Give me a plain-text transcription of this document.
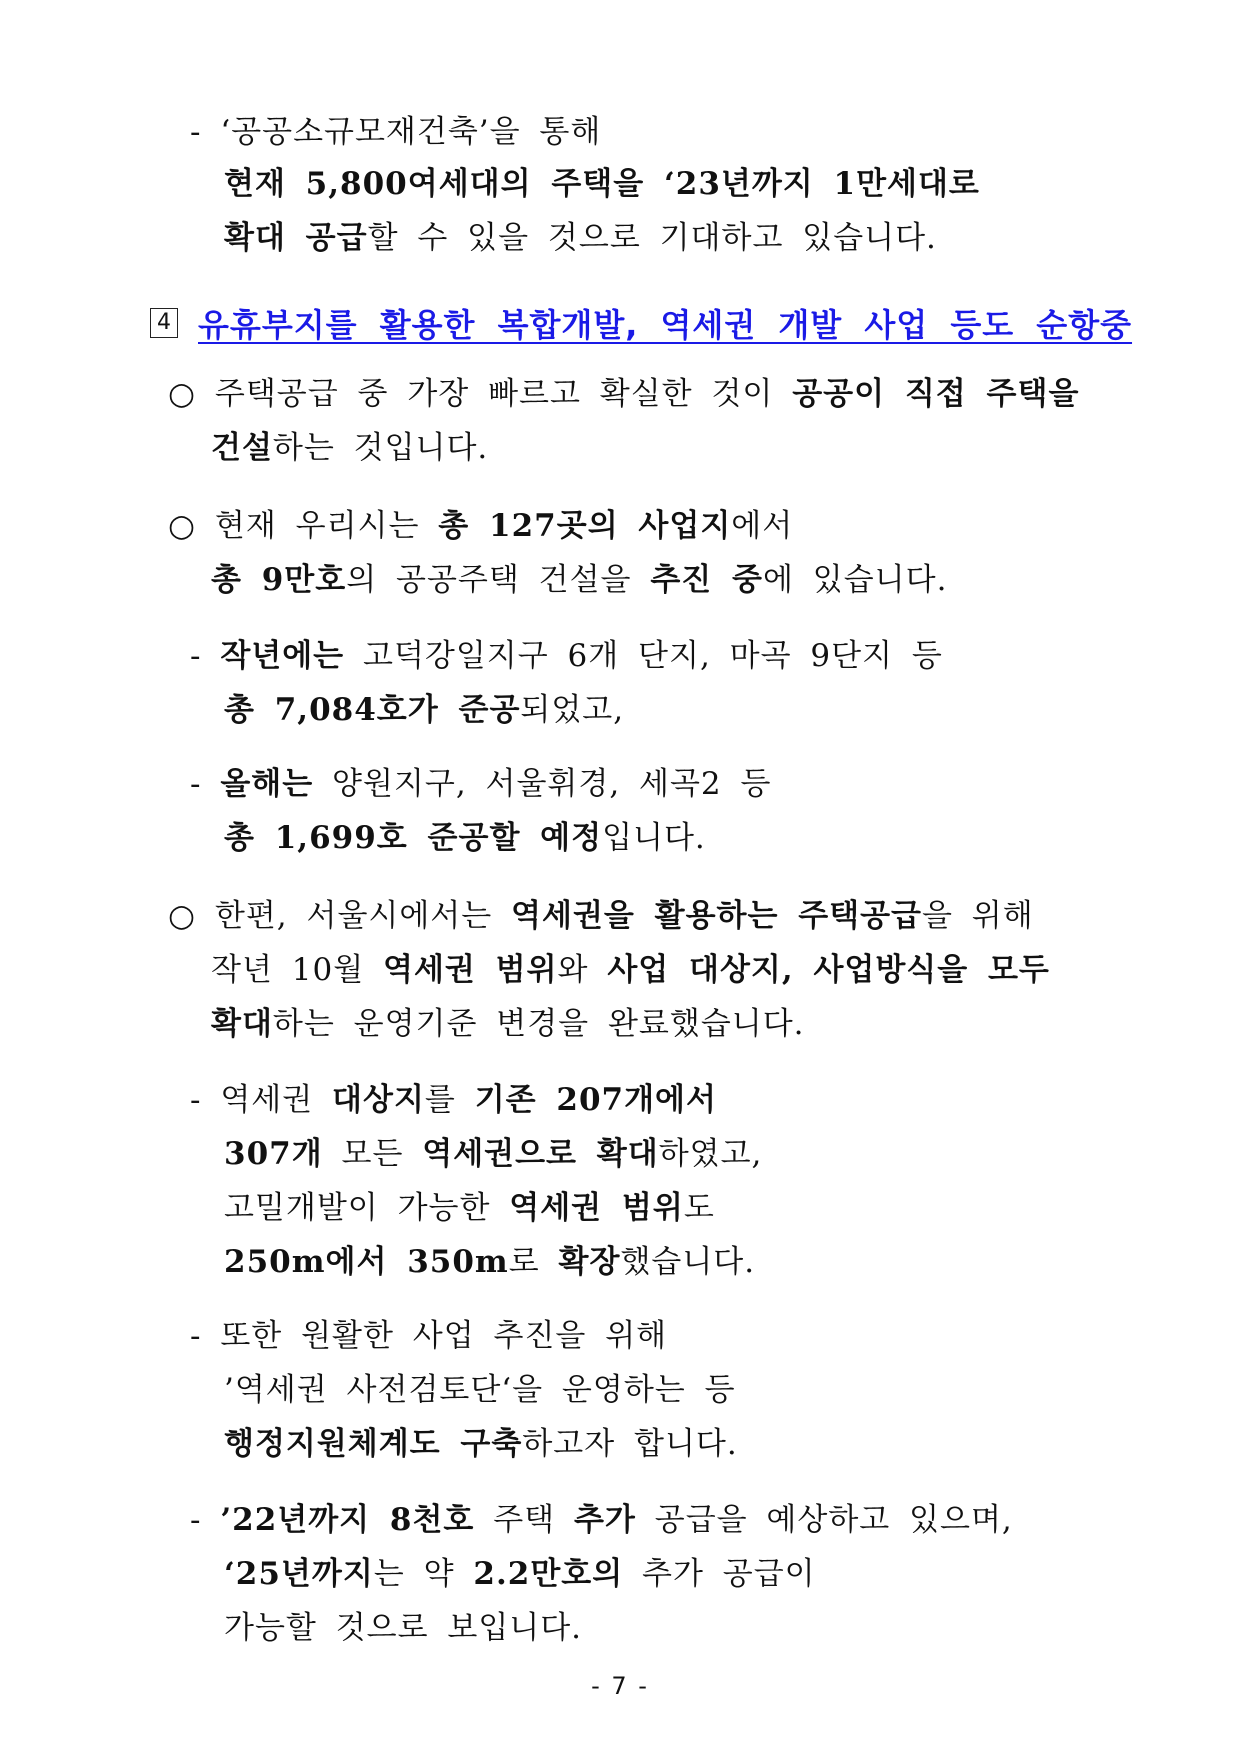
- ‘공공소규모재건축’을 통해
현재 5,800여세대의 주택을 ‘23년까지 1만세대로
확대 공급할 수 있을 것으로 기대하고 있습니다.
4 유휴부지를 활용한 복합개발, 역세권 개발 사업 등도 순항중
○ 주택공급 중 가장 빠르고 확실한 것이 공공이 직접 주택을
건설하는 것입니다.
○ 현재 우리시는 총 127곳의 사업지에서
총 9만호의 공공주택 건설을 추진 중에 있습니다.
- 작년에는 고덕강일지구 6개 단지, 마곡 9단지 등
총 7,084호가 준공되었고,
- 올해는 양원지구, 서울휘경, 세곡2 등
총 1,699호 준공할 예정입니다.
○ 한편, 서울시에서는 역세권을 활용하는 주택공급을 위해
작년 10월 역세권 범위와 사업 대상지, 사업방식을 모두
확대하는 운영기준 변경을 완료했습니다.
- 역세권 대상지를 기존 207개에서
307개 모든 역세권으로 확대하였고,
고밀개발이 가능한 역세권 범위도
250m에서 350m로 확장했습니다.
- 또한 원활한 사업 추진을 위해
’역세권 사전검토단‘을 운영하는 등
행정지원체계도 구축하고자 합니다.
- ’22년까지 8천호 주택 추가 공급을 예상하고 있으며,
‘25년까지는 약 2.2만호의 추가 공급이
가능할 것으로 보입니다.
- 7 -
